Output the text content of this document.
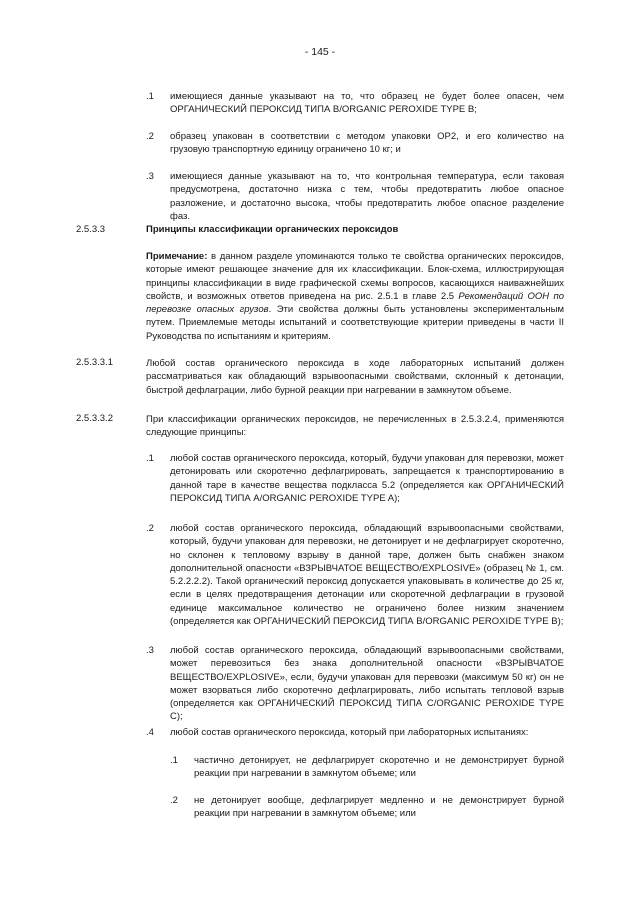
- 145 -
.1 имеющиеся данные указывают на то, что образец не будет более опасен, чем ОРГАНИЧЕСКИЙ ПЕРОКСИД ТИПА B/ORGANIC PEROXIDE TYPE B;
.2 образец упакован в соответствии с методом упаковки OP2, и его количество на грузовую транспортную единицу ограничено 10 кг; и
.3 имеющиеся данные указывают на то, что контрольная температура, если таковая предусмотрена, достаточно низка с тем, чтобы предотвратить любое опасное разложение, и достаточно высока, чтобы предотвратить любое опасное разделение фаз.
2.5.3.3	Принципы классификации органических пероксидов
Примечание: в данном разделе упоминаются только те свойства органических пероксидов, которые имеют решающее значение для их классификации. Блок-схема, иллюстрирующая принципы классификации в виде графической схемы вопросов, касающихся наиважнейших свойств, и возможных ответов приведена на рис. 2.5.1 в главе 2.5 Рекомендаций ООН по перевозке опасных грузов. Эти свойства должны быть установлены экспериментальным путем. Приемлемые методы испытаний и соответствующие критерии приведены в части II Руководства по испытаниям и критериям.
2.5.3.3.1	Любой состав органического пероксида в ходе лабораторных испытаний должен рассматриваться как обладающий взрывоопасными свойствами, склонный к детонации, быстрой дефлаграции, либо бурной реакции при нагревании в замкнутом объеме.
2.5.3.3.2	При классификации органических пероксидов, не перечисленных в 2.5.3.2.4, применяются следующие принципы:
.1 любой состав органического пероксида, который, будучи упакован для перевозки, может детонировать или скоротечно дефлагрировать, запрещается к транспортированию в данной таре в качестве вещества подкласса 5.2 (определяется как ОРГАНИЧЕСКИЙ ПЕРОКСИД ТИПА A/ORGANIC PEROXIDE TYPE A);
.2 любой состав органического пероксида, обладающий взрывоопасными свойствами, который, будучи упакован для перевозки, не детонирует и не дефлагрирует скоротечно, но склонен к тепловому взрыву в данной таре, должен быть снабжен знаком дополнительной опасности «ВЗРЫВЧАТОЕ ВЕЩЕСТВО/EXPLOSIVE» (образец № 1, см. 5.2.2.2.2). Такой органический пероксид допускается упаковывать в количестве до 25 кг, если в целях предотвращения детонации или скоротечной дефлаграции в грузовой единице максимальное количество не ограничено более низким значением (определяется как ОРГАНИЧЕСКИЙ ПЕРОКСИД ТИПА B/ORGANIC PEROXIDE TYPE B);
.3 любой состав органического пероксида, обладающий взрывоопасными свойствами, может перевозиться без знака дополнительной опасности «ВЗРЫВЧАТОЕ ВЕЩЕСТВО/EXPLOSIVE», если, будучи упакован для перевозки (максимум 50 кг) он не может взорваться либо скоротечно дефлагрировать, либо испытать тепловой взрыв (определяется как ОРГАНИЧЕСКИЙ ПЕРОКСИД ТИПА C/ORGANIC PEROXIDE TYPE C);
.4 любой состав органического пероксида, который при лабораторных испытаниях:
.1 частично детонирует, не дефлагрирует скоротечно и не демонстрирует бурной реакции при нагревании в замкнутом объеме; или
.2 не детонирует вообще, дефлагрирует медленно и не демонстрирует бурной реакции при нагревании в замкнутом объеме; или
